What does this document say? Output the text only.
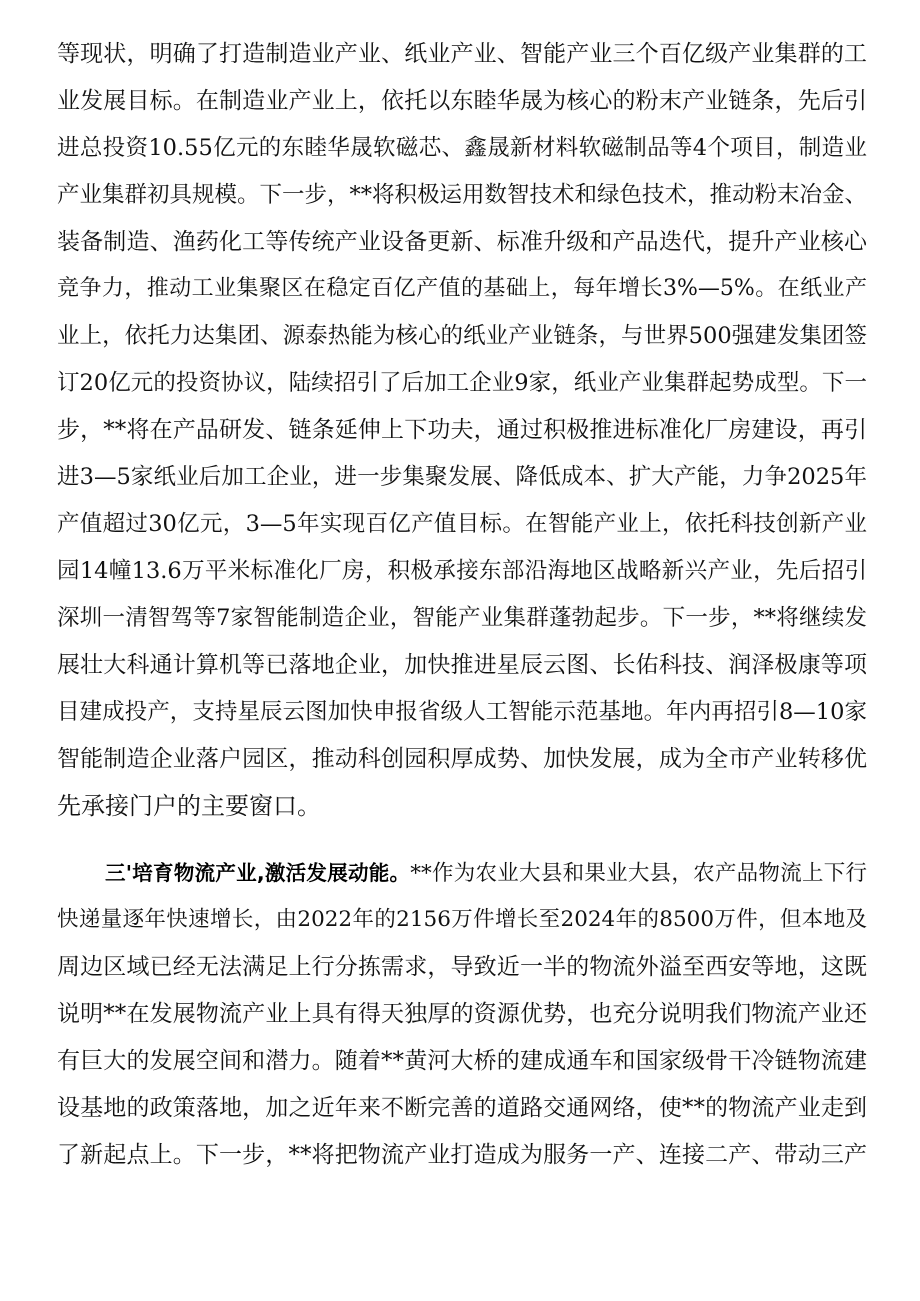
等现状，明确了打造制造业产业、纸业产业、智能产业三个百亿级产业集群的工
业发展目标。在制造业产业上，依托以东睦华晟为核心的粉末产业链条，先后引
进总投资10.55亿元的东睦华晟软磁芯、鑫晟新材料软磁制品等4个项目，制造业
产业集群初具规模。下一步，**将积极运用数智技术和绿色技术，推动粉末冶金、
装备制造、渔药化工等传统产业设备更新、标准升级和产品迭代，提升产业核心
竞争力，推动工业集聚区在稳定百亿产值的基础上，每年增长3%—5%。在纸业产
业上，依托力达集团、源泰热能为核心的纸业产业链条，与世界500强建发集团签
订20亿元的投资协议，陆续招引了后加工企业9家，纸业产业集群起势成型。下一
步，**将在产品研发、链条延伸上下功夫，通过积极推进标准化厂房建设，再引
进3—5家纸业后加工企业，进一步集聚发展、降低成本、扩大产能，力争2025年
产值超过30亿元，3—5年实现百亿产值目标。在智能产业上，依托科技创新产业
园14幢13.6万平米标准化厂房，积极承接东部沿海地区战略新兴产业，先后招引
深圳一清智驾等7家智能制造企业，智能产业集群蓬勃起步。下一步，**将继续发
展壮大科通计算机等已落地企业，加快推进星辰云图、长佑科技、润泽极康等项
目建成投产，支持星辰云图加快申报省级人工智能示范基地。年内再招引8—10家
智能制造企业落户园区，推动科创园积厚成势、加快发展，成为全市产业转移优
先承接门户的主要窗口。
三'培育物流产业,激活发展动能。**作为农业大县和果业大县，农产品物流上下行
快递量逐年快速增长，由2022年的2156万件增长至2024年的8500万件，但本地及
周边区域已经无法满足上行分拣需求，导致近一半的物流外溢至西安等地，这既
说明**在发展物流产业上具有得天独厚的资源优势，也充分说明我们物流产业还
有巨大的发展空间和潜力。随着**黄河大桥的建成通车和国家级骨干冷链物流建
设基地的政策落地，加之近年来不断完善的道路交通网络，使**的物流产业走到
了新起点上。下一步，**将把物流产业打造成为服务一产、连接二产、带动三产
